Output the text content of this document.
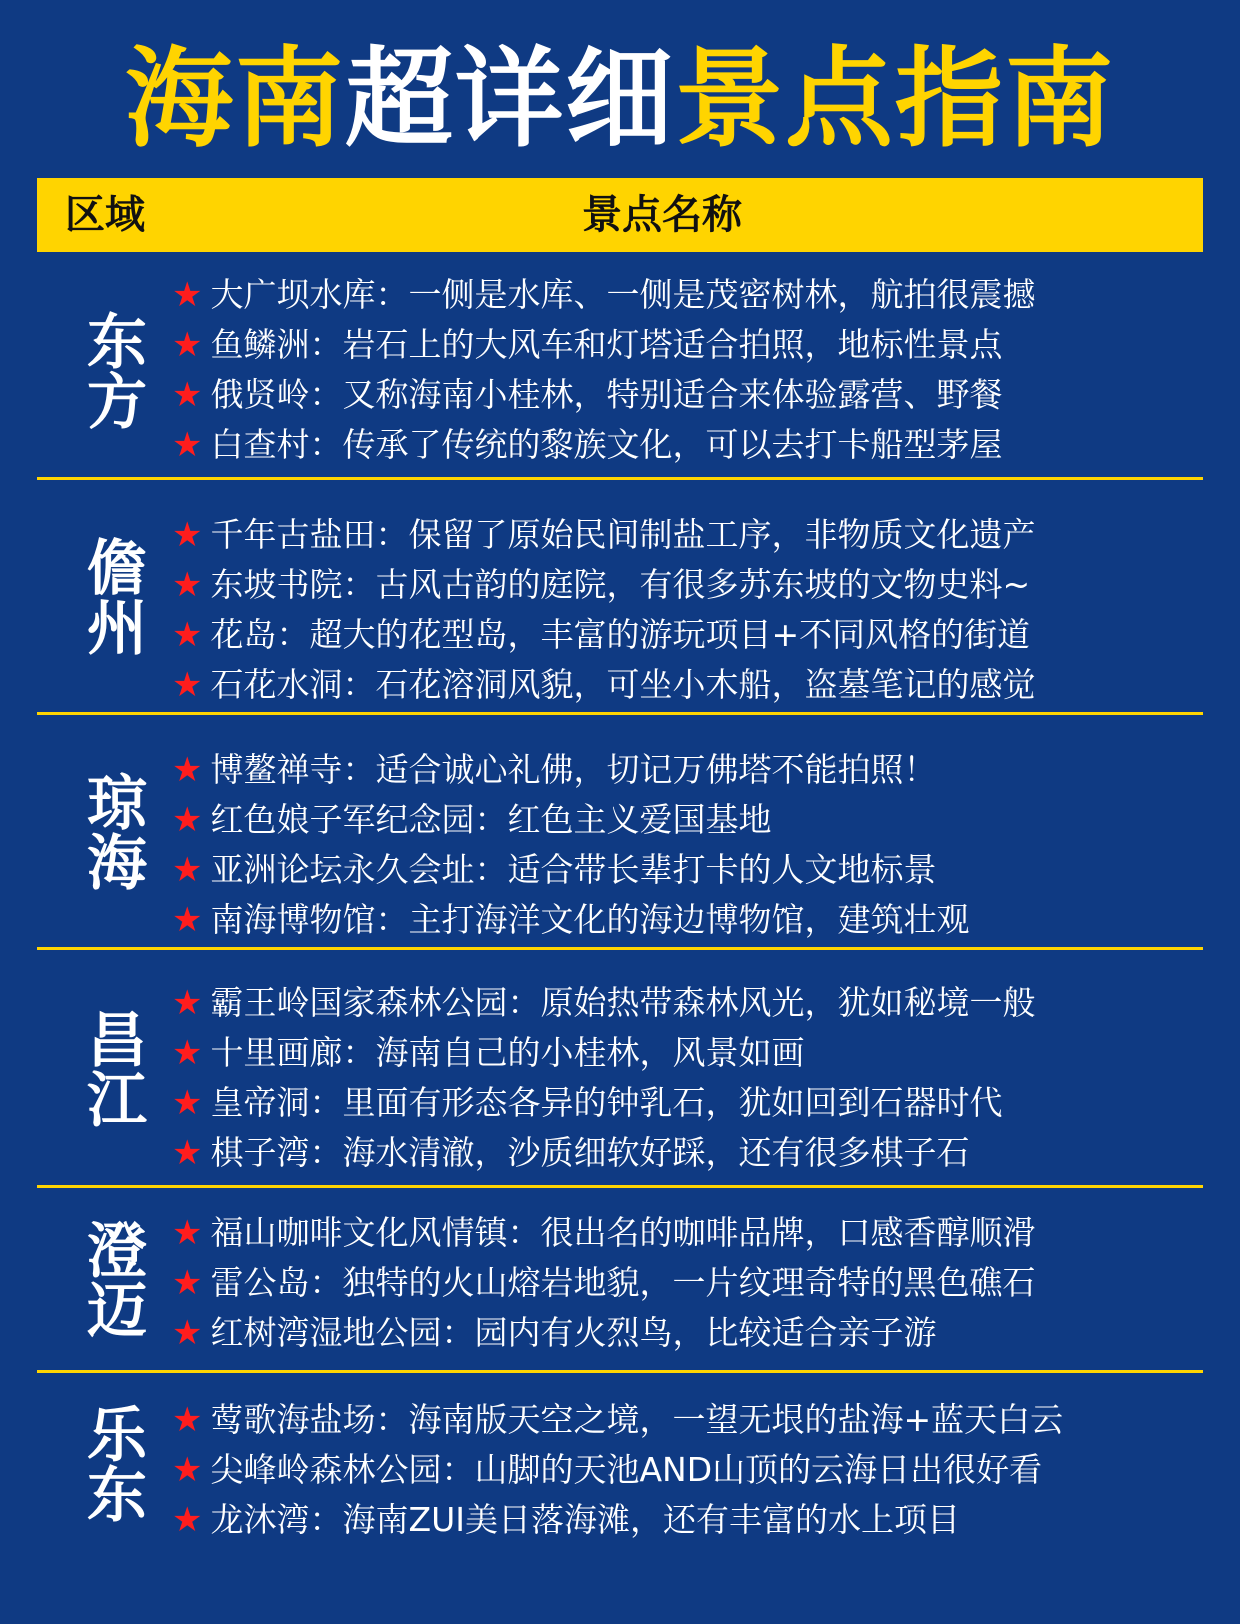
海南超详细景点指南
区域	景点名称
东方
★ 大广坝水库：一侧是水库、一侧是茂密树林，航拍很震撼
★ 鱼鳞洲：岩石上的大风车和灯塔适合拍照，地标性景点
★ 俄贤岭：又称海南小桂林，特别适合来体验露营、野餐
★ 白查村：传承了传统的黎族文化，可以去打卡船型茅屋
儋州
★ 千年古盐田：保留了原始民间制盐工序，非物质文化遗产
★ 东坡书院：古风古韵的庭院，有很多苏东坡的文物史料~
★ 花岛：超大的花型岛，丰富的游玩项目+不同风格的街道
★ 石花水洞：石花溶洞风貌，可坐小木船，盗墓笔记的感觉
琼海
★ 博鳌禅寺：适合诚心礼佛，切记万佛塔不能拍照！
★ 红色娘子军纪念园：红色主义爱国基地
★ 亚洲论坛永久会址：适合带长辈打卡的人文地标景
★ 南海博物馆：主打海洋文化的海边博物馆，建筑壮观
昌江
★ 霸王岭国家森林公园：原始热带森林风光，犹如秘境一般
★ 十里画廊：海南自己的小桂林，风景如画
★ 皇帝洞：里面有形态各异的钟乳石，犹如回到石器时代
★ 棋子湾：海水清澈，沙质细软好踩，还有很多棋子石
澄迈 ★ 福山咖啡文化风情镇：很出名的咖啡品牌，口感香醇顺滑
★ 雷公岛：独特的火山熔岩地貌，一片纹理奇特的黑色礁石
★ 红树湾湿地公园：园内有火烈鸟，比较适合亲子游
乐东 ★ 莺歌海盐场：海南版天空之境，一望无垠的盐海+蓝天白云
★ 尖峰岭森林公园：山脚的天池AND山顶的云海日出很好看
★ 龙沐湾：海南ZUI美日落海滩，还有丰富的水上项目
